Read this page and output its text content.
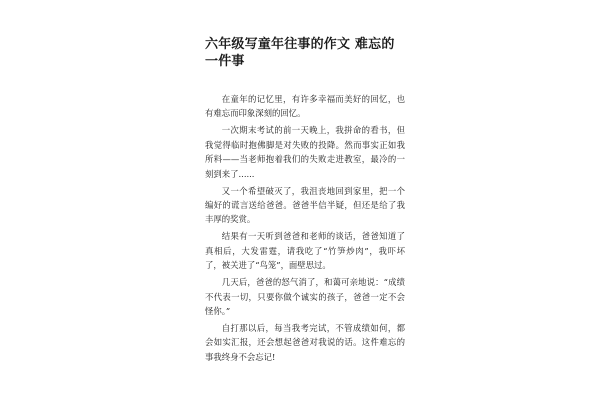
六年级写童年往事的作文 难忘的一件事

在童年的记忆里，有许多幸福而美好的回忆，也有难忘而印象深刻的回忆。

一次期末考试的前一天晚上，我拼命的看书，但我觉得临时抱佛脚是对失败的投降。然而事实正如我所料——当老师抱着我们的失败走进教室，最冷的一刻到来了......

又一个希望破灭了，我沮丧地回到家里，把一个编好的谎言送给爸爸。爸爸半信半疑，但还是给了我丰厚的奖赏。

结果有一天听到爸爸和老师的谈话，爸爸知道了真相后，大发雷霆，请我吃了“竹笋炒肉”，我吓坏了，被关进了“鸟笼”，面壁思过。

几天后，爸爸的怒气消了，和蔼可亲地说：“成绩不代表一切，只要你做个诚实的孩子，爸爸一定不会怪你。”

自打那以后，每当我考完试，不管成绩如何，都会如实汇报，还会想起爸爸对我说的话。这件难忘的事我终身不会忘记!
